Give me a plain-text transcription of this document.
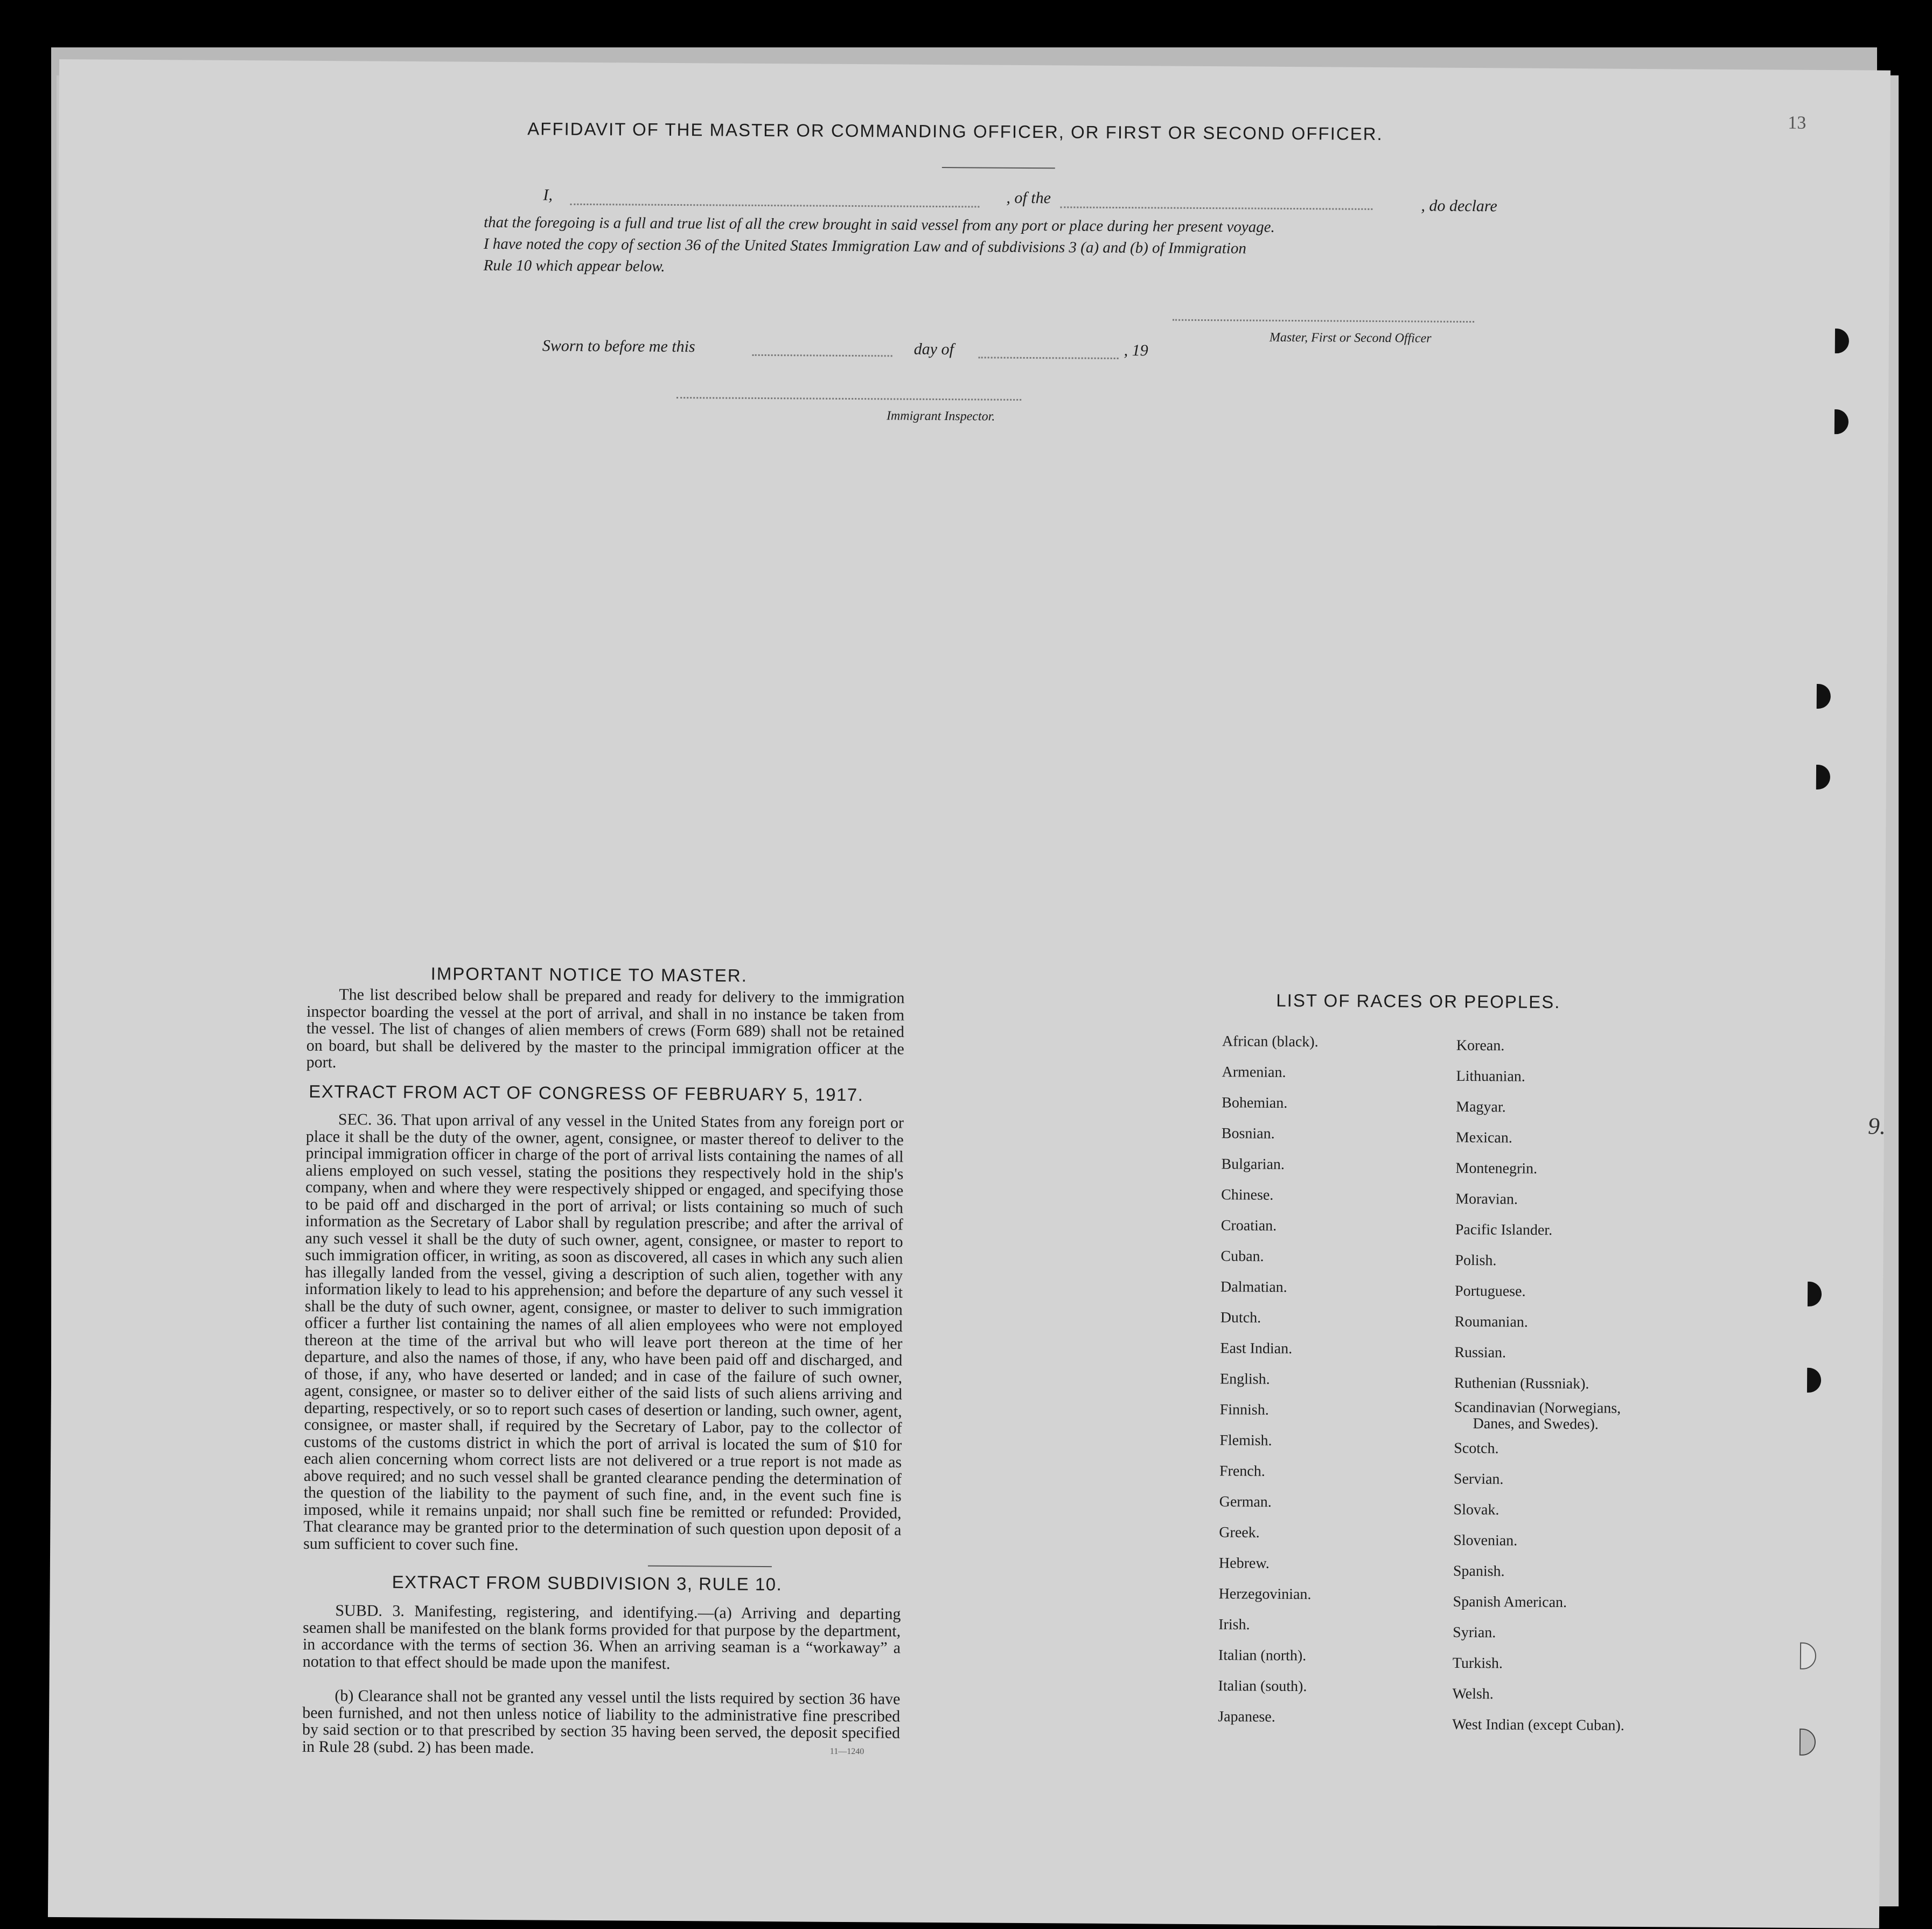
13
AFFIDAVIT OF THE MASTER OR COMMANDING OFFICER, OR FIRST OR SECOND OFFICER.
I,	, of the	, do declare
that the foregoing is a full and true list of all the crew brought in said vessel from any port or place during her present voyage.
I have noted the copy of section 36 of the United States Immigration Law and of subdivisions 3 (a) and (b) of Immigration
Rule 10 which appear below.
Master, First or Second Officer
Sworn to before me this	day of	, 19
Immigrant Inspector.
IMPORTANT NOTICE TO MASTER.
The list described below shall be prepared and ready for delivery to the immigration inspector boarding the vessel at the port of arrival, and shall in no instance be taken from the vessel. The list of changes of alien members of crews (Form 689) shall not be retained on board, but shall be delivered by the master to the principal immigration officer at the port.
EXTRACT FROM ACT OF CONGRESS OF FEBRUARY 5, 1917.
SEC. 36. That upon arrival of any vessel in the United States from any foreign port or place it shall be the duty of the owner, agent, consignee, or master thereof to deliver to the principal immigration officer in charge of the port of arrival lists containing the names of all aliens employed on such vessel, stating the positions they respectively hold in the ship's company, when and where they were respectively shipped or engaged, and specifying those to be paid off and discharged in the port of arrival; or lists containing so much of such information as the Secretary of Labor shall by regulation prescribe; and after the arrival of any such vessel it shall be the duty of such owner, agent, consignee, or master to report to such immigration officer, in writing, as soon as discovered, all cases in which any such alien has illegally landed from the vessel, giving a description of such alien, together with any information likely to lead to his apprehension; and before the departure of any such vessel it shall be the duty of such owner, agent, consignee, or master to deliver to such immigration officer a further list containing the names of all alien employees who were not employed thereon at the time of the arrival but who will leave port thereon at the time of her departure, and also the names of those, if any, who have been paid off and discharged, and of those, if any, who have deserted or landed; and in case of the failure of such owner, agent, consignee, or master so to deliver either of the said lists of such aliens arriving and departing, respectively, or so to report such cases of desertion or landing, such owner, agent, consignee, or master shall, if required by the Secretary of Labor, pay to the collector of customs of the customs district in which the port of arrival is located the sum of $10 for each alien concerning whom correct lists are not delivered or a true report is not made as above required; and no such vessel shall be granted clearance pending the determination of the question of the liability to the payment of such fine, and, in the event such fine is imposed, while it remains unpaid; nor shall such fine be remitted or refunded: Provided, That clearance may be granted prior to the determination of such question upon deposit of a sum sufficient to cover such fine.
EXTRACT FROM SUBDIVISION 3, RULE 10.
SUBD. 3. Manifesting, registering, and identifying.—(a) Arriving and departing seamen shall be manifested on the blank forms provided for that purpose by the department, in accordance with the terms of section 36. When an arriving seaman is a “workaway” a notation to that effect should be made upon the manifest.
(b) Clearance shall not be granted any vessel until the lists required by section 36 have been furnished, and not then unless notice of liability to the administrative fine prescribed by said section or to that prescribed by section 35 having been served, the deposit specified in Rule 28 (subd. 2) has been made.	11—1240
LIST OF RACES OR PEOPLES.
African (black).
Armenian.
Bohemian.
Bosnian.
Bulgarian.
Chinese.
Croatian.
Cuban.
Dalmatian.
Dutch.
East Indian.
English.
Finnish.
Flemish.
French.
German.
Greek.
Hebrew.
Herzegovinian.
Irish.
Italian (north).
Italian (south).
Japanese.
Korean.
Lithuanian.
Magyar.
Mexican.
Montenegrin.
Moravian.
Pacific Islander.
Polish.
Portuguese.
Roumanian.
Russian.
Ruthenian (Russniak).
Scandinavian (Norwegians,
Danes, and Swedes).
Scotch.
Servian.
Slovak.
Slovenian.
Spanish.
Spanish American.
Syrian.
Turkish.
Welsh.
West Indian (except Cuban).
9.
